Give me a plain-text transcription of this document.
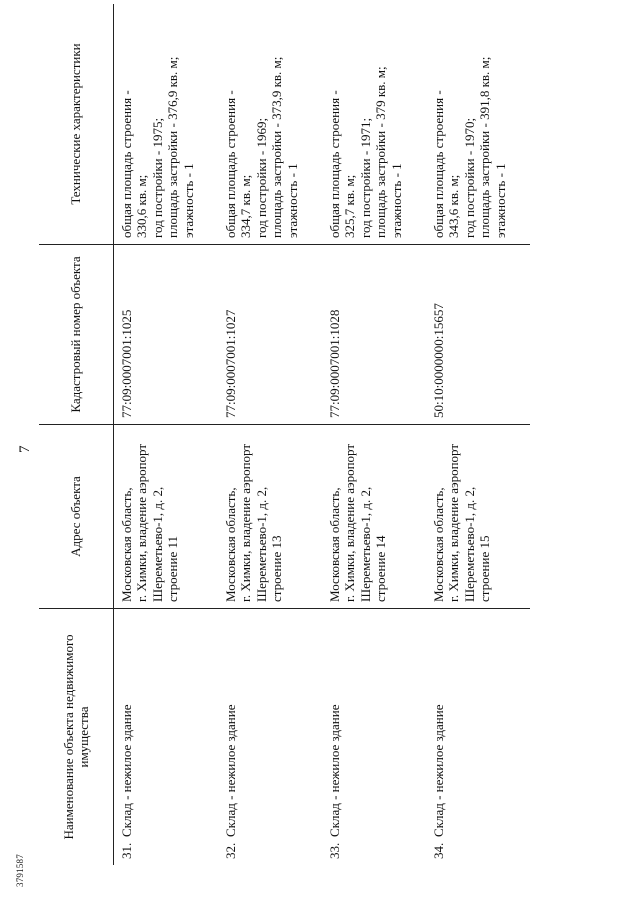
7
3791587
Наименование объекта недвижимого имущества	Адрес объекта	Кадастровый номер объекта	Технические характеристики
31.Склад - нежилое здание	Московская область,
г. Химки, владение аэропорт
Шереметьево-1, д. 2,
строение 11	77:09:0007001:1025	общая площадь строения -
330,6 кв. м;
год постройки - 1975;
площадь застройки - 376,9 кв. м;
этажность - 1
32.Склад - нежилое здание	Московская область,
г. Химки, владение аэропорт
Шереметьево-1, д. 2,
строение 13	77:09:0007001:1027	общая площадь строения -
334,7 кв. м;
год постройки - 1969;
площадь застройки - 373,9 кв. м;
этажность - 1
33.Склад - нежилое здание	Московская область,
г. Химки, владение аэропорт
Шереметьево-1, д. 2,
строение 14	77:09:0007001:1028	общая площадь строения -
325,7 кв. м;
год постройки - 1971;
площадь застройки - 379 кв. м;
этажность - 1
34.Склад - нежилое здание	Московская область,
г. Химки, владение аэропорт
Шереметьево-1, д. 2,
строение 15	50:10:0000000:15657	общая площадь строения -
343,6 кв. м;
год постройки - 1970;
площадь застройки - 391,8 кв. м;
этажность - 1
